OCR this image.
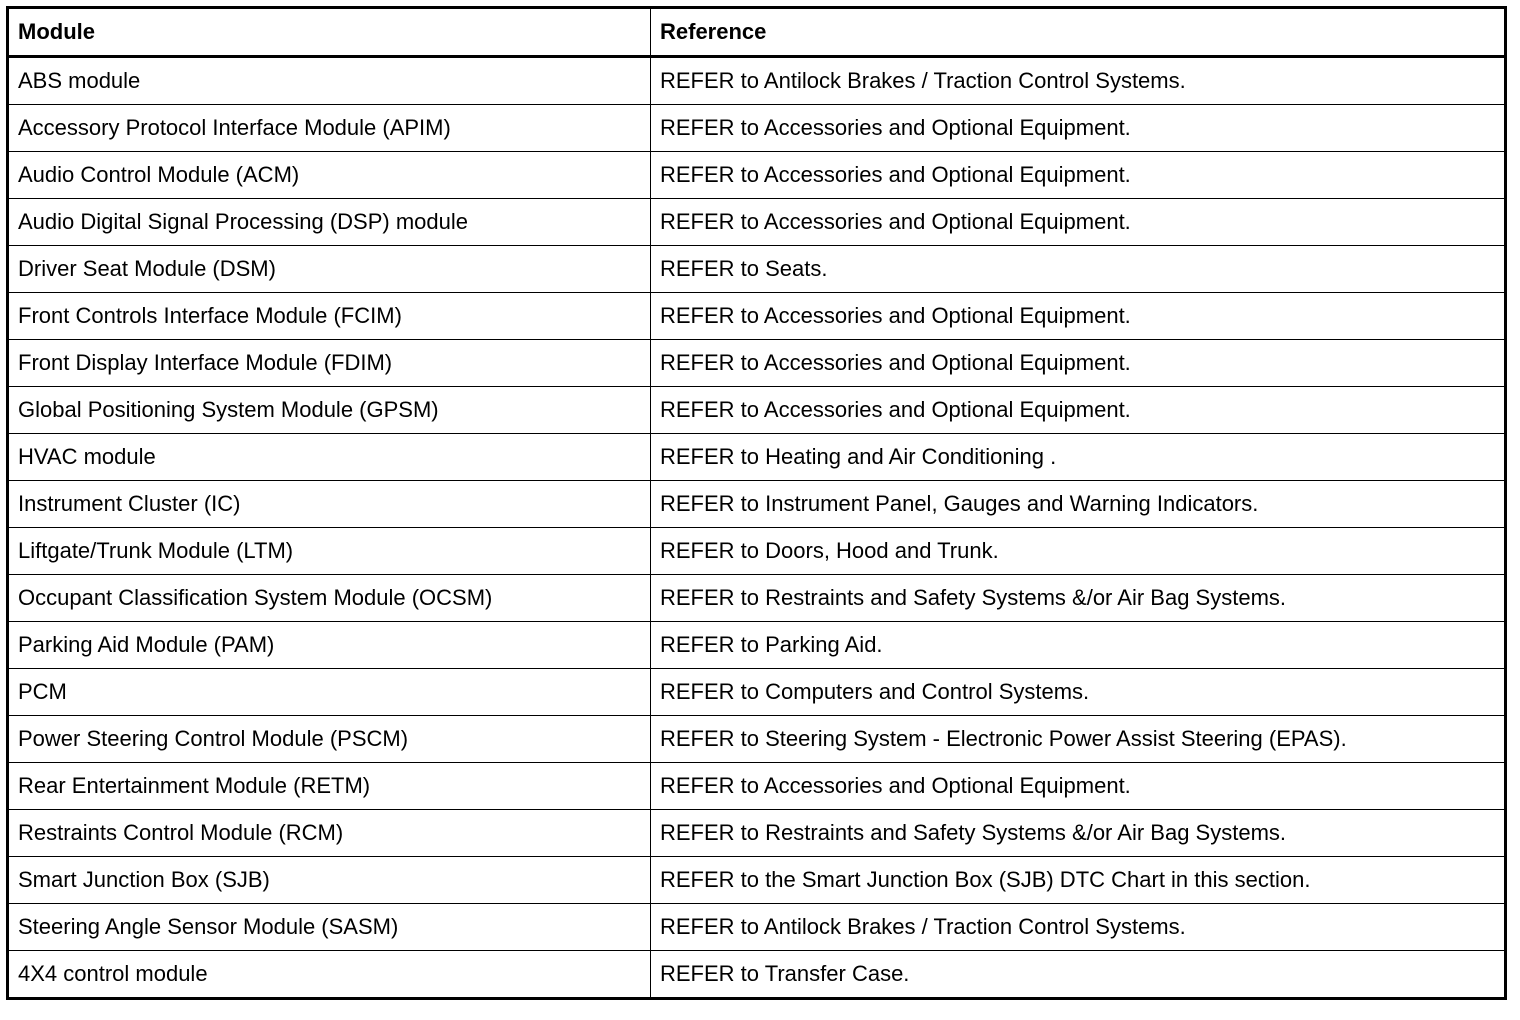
Module	Reference
ABS module	REFER to Antilock Brakes / Traction Control Systems.
Accessory Protocol Interface Module (APIM)	REFER to Accessories and Optional Equipment.
Audio Control Module (ACM)	REFER to Accessories and Optional Equipment.
Audio Digital Signal Processing (DSP) module	REFER to Accessories and Optional Equipment.
Driver Seat Module (DSM)	REFER to Seats.
Front Controls Interface Module (FCIM)	REFER to Accessories and Optional Equipment.
Front Display Interface Module (FDIM)	REFER to Accessories and Optional Equipment.
Global Positioning System Module (GPSM)	REFER to Accessories and Optional Equipment.
HVAC module	REFER to Heating and Air Conditioning .
Instrument Cluster (IC)	REFER to Instrument Panel, Gauges and Warning Indicators.
Liftgate/Trunk Module (LTM)	REFER to Doors, Hood and Trunk.
Occupant Classification System Module (OCSM)	REFER to Restraints and Safety Systems &/or Air Bag Systems.
Parking Aid Module (PAM)	REFER to Parking Aid.
PCM	REFER to Computers and Control Systems.
Power Steering Control Module (PSCM)	REFER to Steering System - Electronic Power Assist Steering (EPAS).
Rear Entertainment Module (RETM)	REFER to Accessories and Optional Equipment.
Restraints Control Module (RCM)	REFER to Restraints and Safety Systems &/or Air Bag Systems.
Smart Junction Box (SJB)	REFER to the Smart Junction Box (SJB) DTC Chart in this section.
Steering Angle Sensor Module (SASM)	REFER to Antilock Brakes / Traction Control Systems.
4X4 control module	REFER to Transfer Case.
